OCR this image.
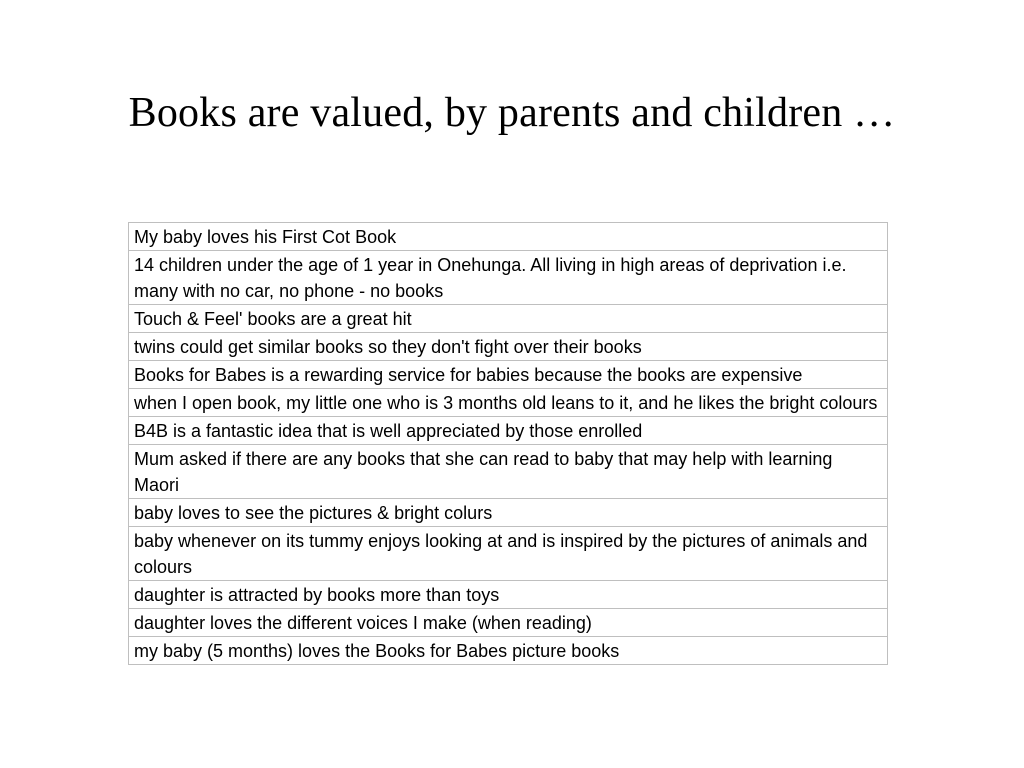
Books are valued, by parents and children …
My baby loves his First Cot Book
14 children under the age of 1 year in Onehunga. All living in high areas of deprivation i.e. many with no car, no phone - no books
Touch & Feel' books are a great hit
twins could get similar books so they don't fight over their books
Books for Babes is a rewarding service for babies because the books are expensive
when I open book, my little one who is 3 months old leans to it, and he likes the bright colours
B4B is a fantastic idea that is well appreciated by those enrolled
Mum asked if there are any books that she can read to baby that may help with learning Maori
baby loves to see the pictures & bright colurs
baby whenever on its tummy enjoys looking at and is inspired by the pictures of animals and colours
daughter is attracted by books more than toys
daughter loves the different voices I make (when reading)
my baby (5 months) loves the Books for Babes picture books
